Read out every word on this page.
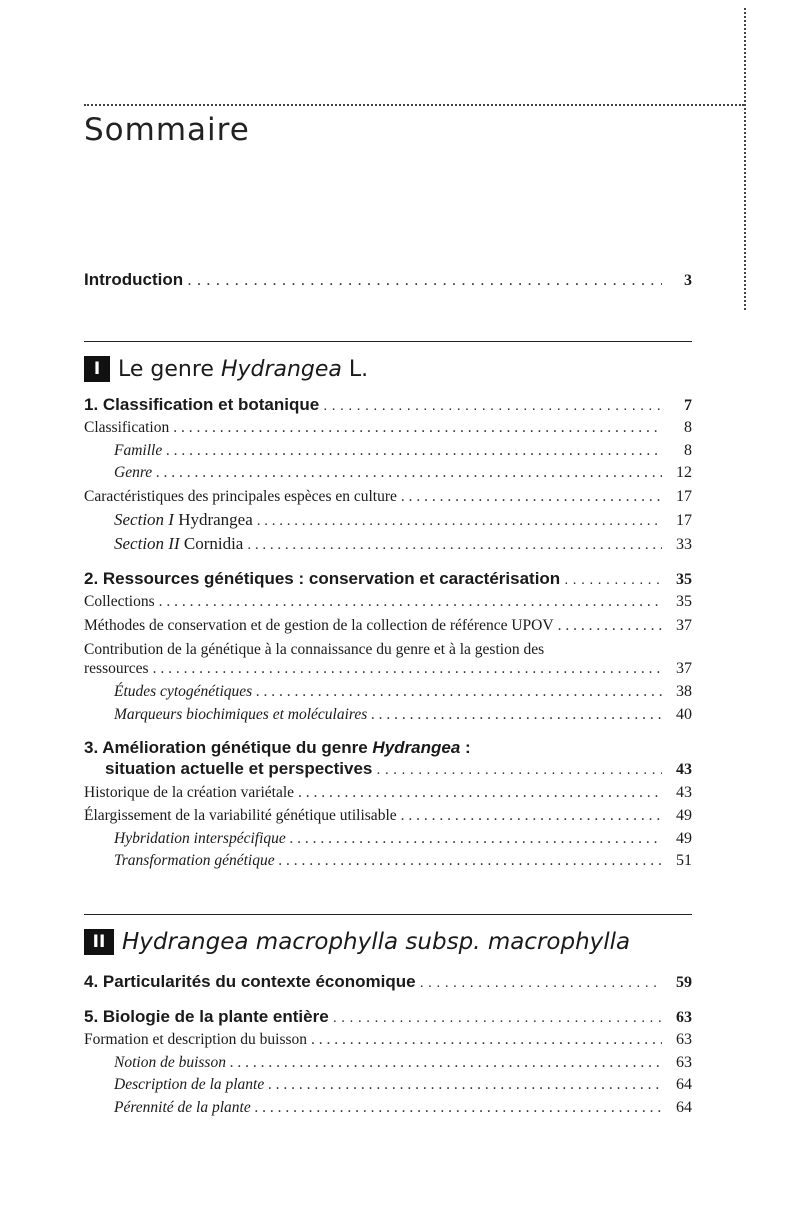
Sommaire
Introduction . . .	3
I Le genre Hydrangea L.
1. Classification et botanique . . .	7
Classification . . .	8
Famille . . .	8
Genre . . .	12
Caractéristiques des principales espèces en culture . . .	17
Section I Hydrangea . . .	17
Section II Cornidia . . .	33
2. Ressources génétiques : conservation et caractérisation . . .	35
Collections . . .	35
Méthodes de conservation et de gestion de la collection de référence UPOV . . .	37
Contribution de la génétique à la connaissance du genre et à la gestion des
ressources . . .	37
Études cytogénétiques . . .	38
Marqueurs biochimiques et moléculaires . . .	40
3. Amélioration génétique du genre Hydrangea :
situation actuelle et perspectives . . .	43
Historique de la création variétale . . .	43
Élargissement de la variabilité génétique utilisable . . .	49
Hybridation interspécifique . . .	49
Transformation génétique . . .	51
II Hydrangea macrophylla subsp. macrophylla
4. Particularités du contexte économique . . .	59
5. Biologie de la plante entière . . .	63
Formation et description du buisson . . .	63
Notion de buisson . . .	63
Description de la plante . . .	64
Pérennité de la plante . . .	64
